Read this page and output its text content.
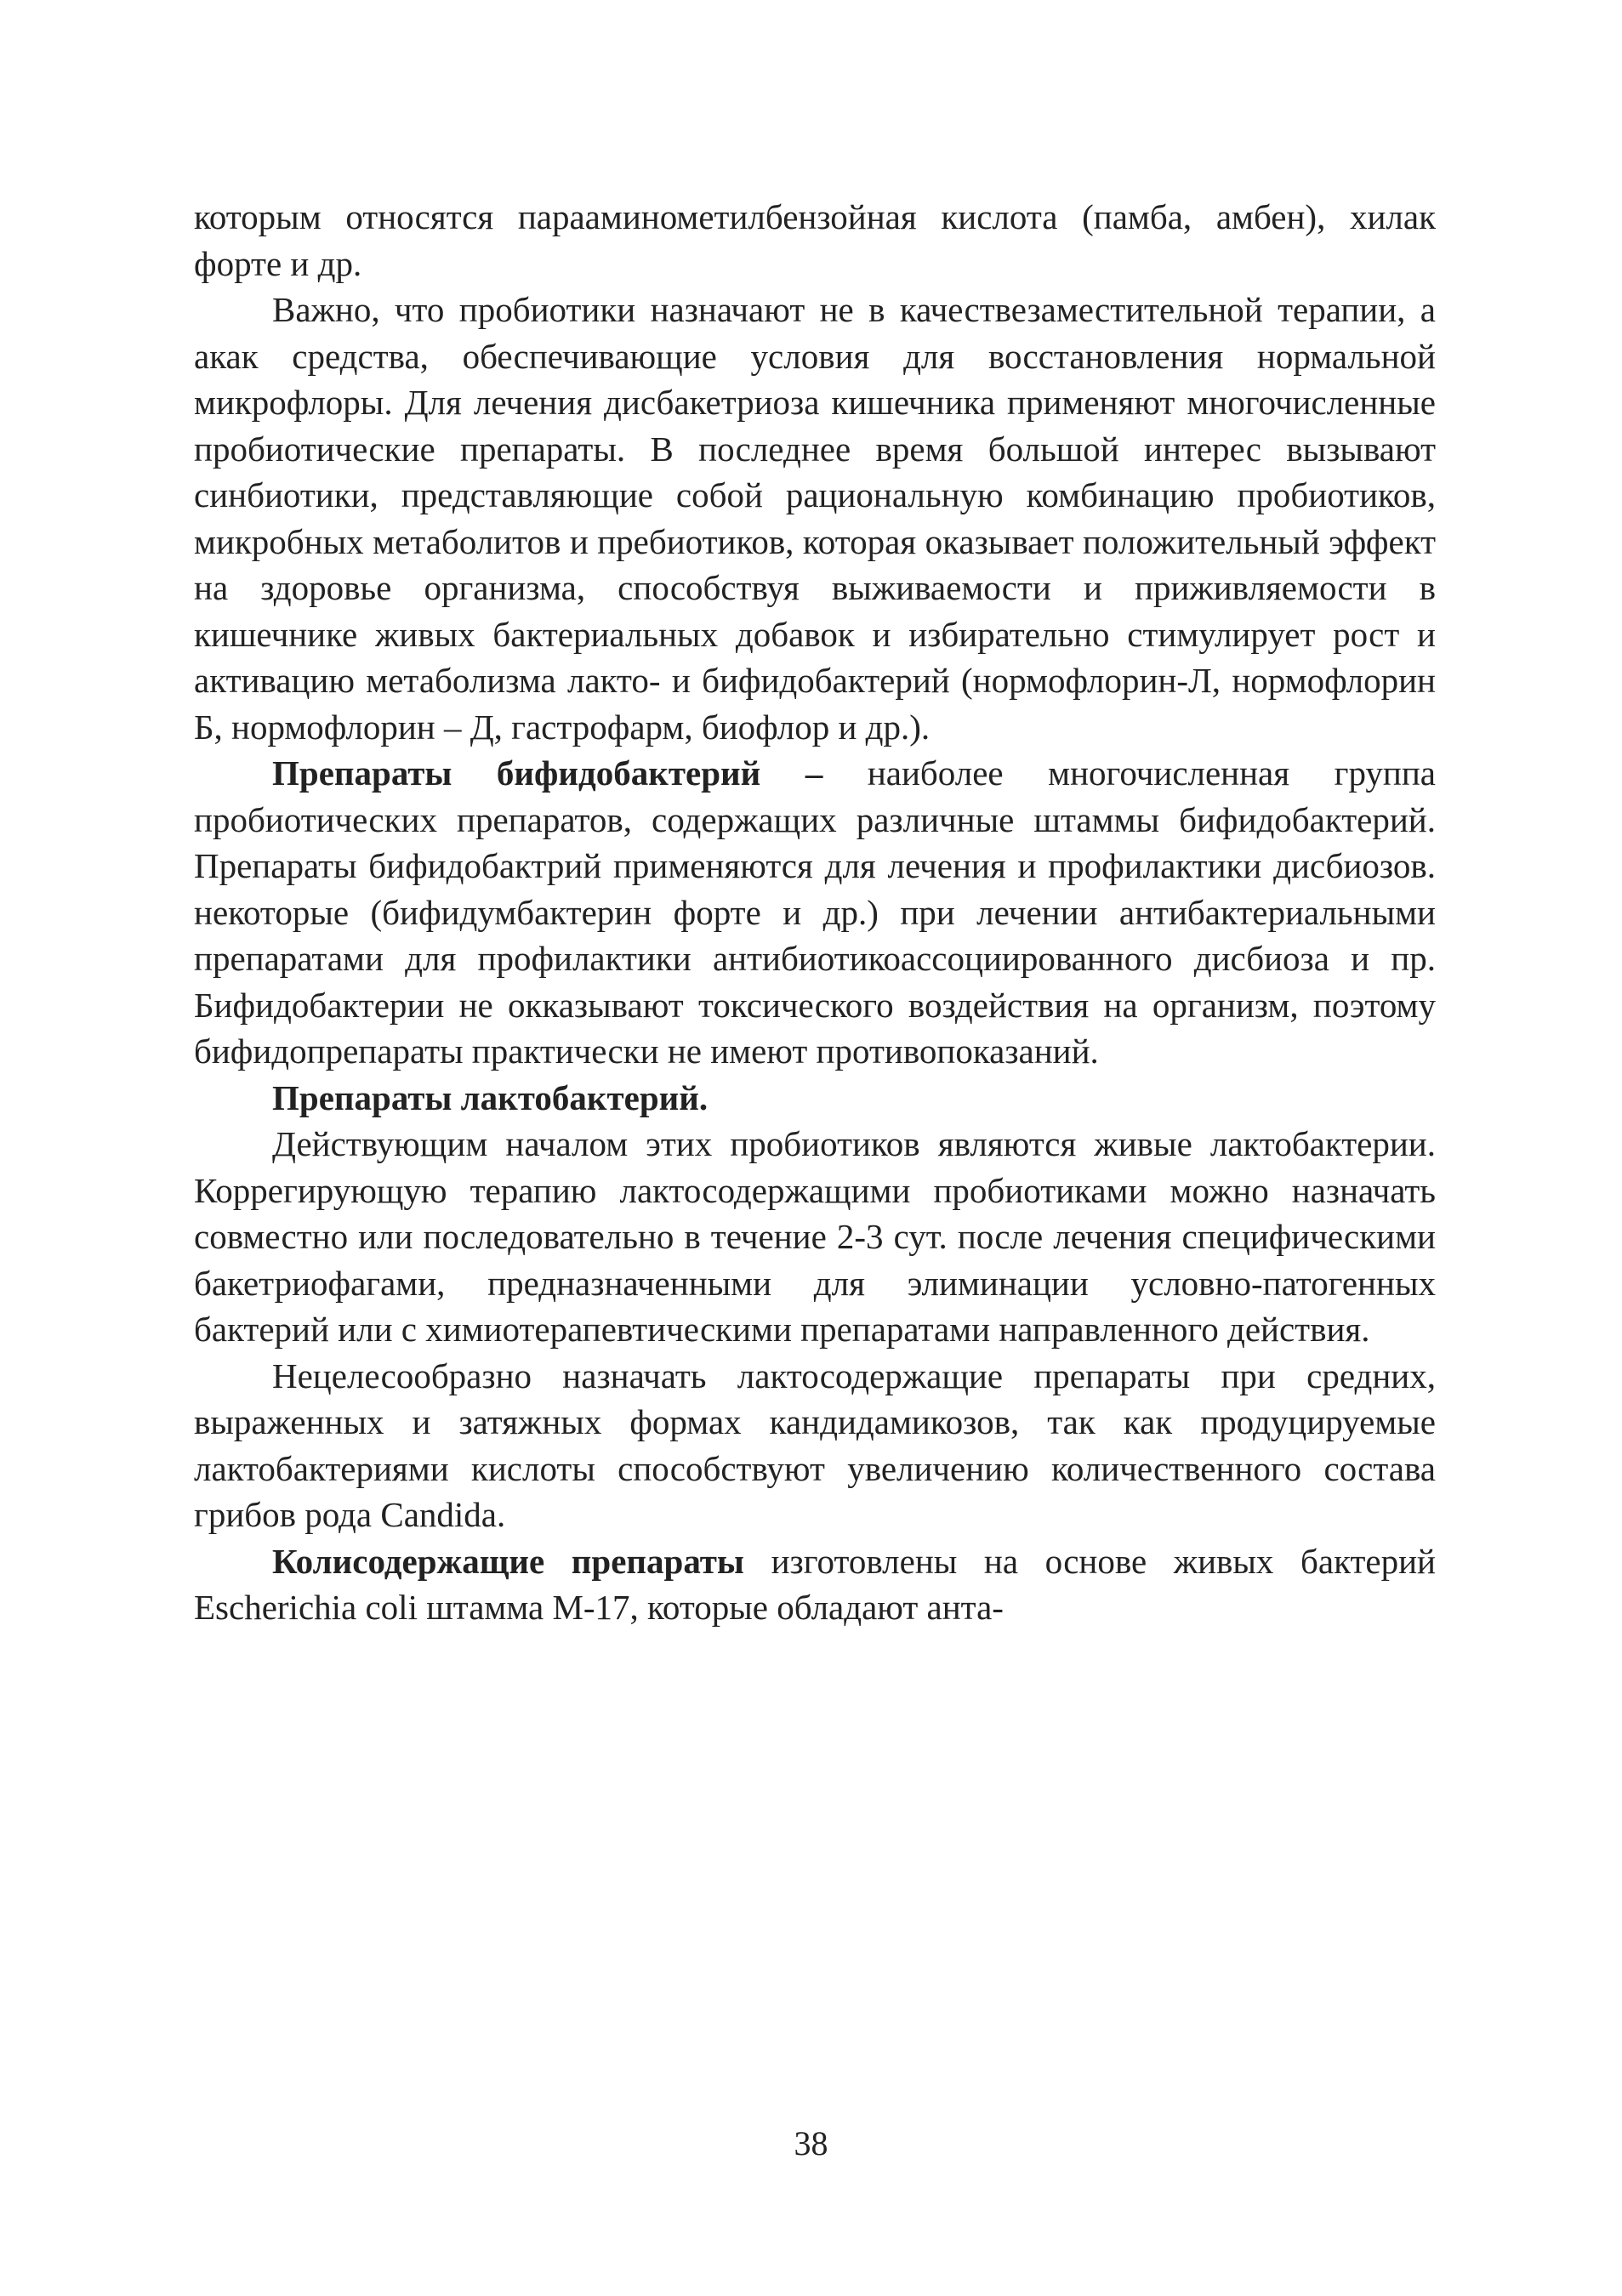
которым относятся парааминометилбензойная кислота (памба, амбен), хилак форте и др.

Важно, что пробиотики назначают не в качествезаместительной терапии, а акак средства, обеспечивающие условия для восстановления нормальной микрофлоры. Для лечения дисбакетриоза кишечника применяют многочисленные пробиотические препараты. В последнее время большой интерес вызывают синбиотики, представляющие собой рациональную комбинацию пробиотиков, микробных метаболитов и пребиотиков, которая оказывает положительный эффект на здоровье организма, способствуя выживаемости и приживляемости в кишечнике живых бактериальных добавок и избирательно стимулирует рост и активацию метаболизма лакто- и бифидобактерий (нормофлорин-Л, нормофлорин Б, нормофлорин – Д, гастрофарм, биофлор и др.).

Препараты бифидобактерий – наиболее многочисленная группа пробиотических препаратов, содержащих различные штаммы бифидобактерий. Препараты бифидобактрий применяются для лечения и профилактики дисбиозов. некоторые (бифидумбактерин форте и др.) при лечении антибактериальными препаратами для профилактики антибиотикоассоциированного дисбиоза и пр. Бифидобактерии не окказывают токсического воздействия на организм, поэтому бифидопрепараты практически не имеют противопоказаний.

Препараты лактобактерий.

Действующим началом этих пробиотиков являются живые лактобактерии. Коррегирующую терапию лактосодержащими пробиотиками можно назначать совместно или последовательно в течение 2-3 сут. после лечения специфическими бакетриофагами, предназначенными для элиминации условно-патогенных бактерий или с химиотерапевтическими препаратами направленного действия.

Нецелесообразно назначать лактосодержащие препараты при средних, выраженных и затяжных формах кандидамикозов, так как продуцируемые лактобактериями кислоты способствуют увеличению количественного состава грибов рода Candida.

Колисодержащие препараты изготовлены на основе живых бактерий Escherichia coli штамма М-17, которые обладают анта-

38
